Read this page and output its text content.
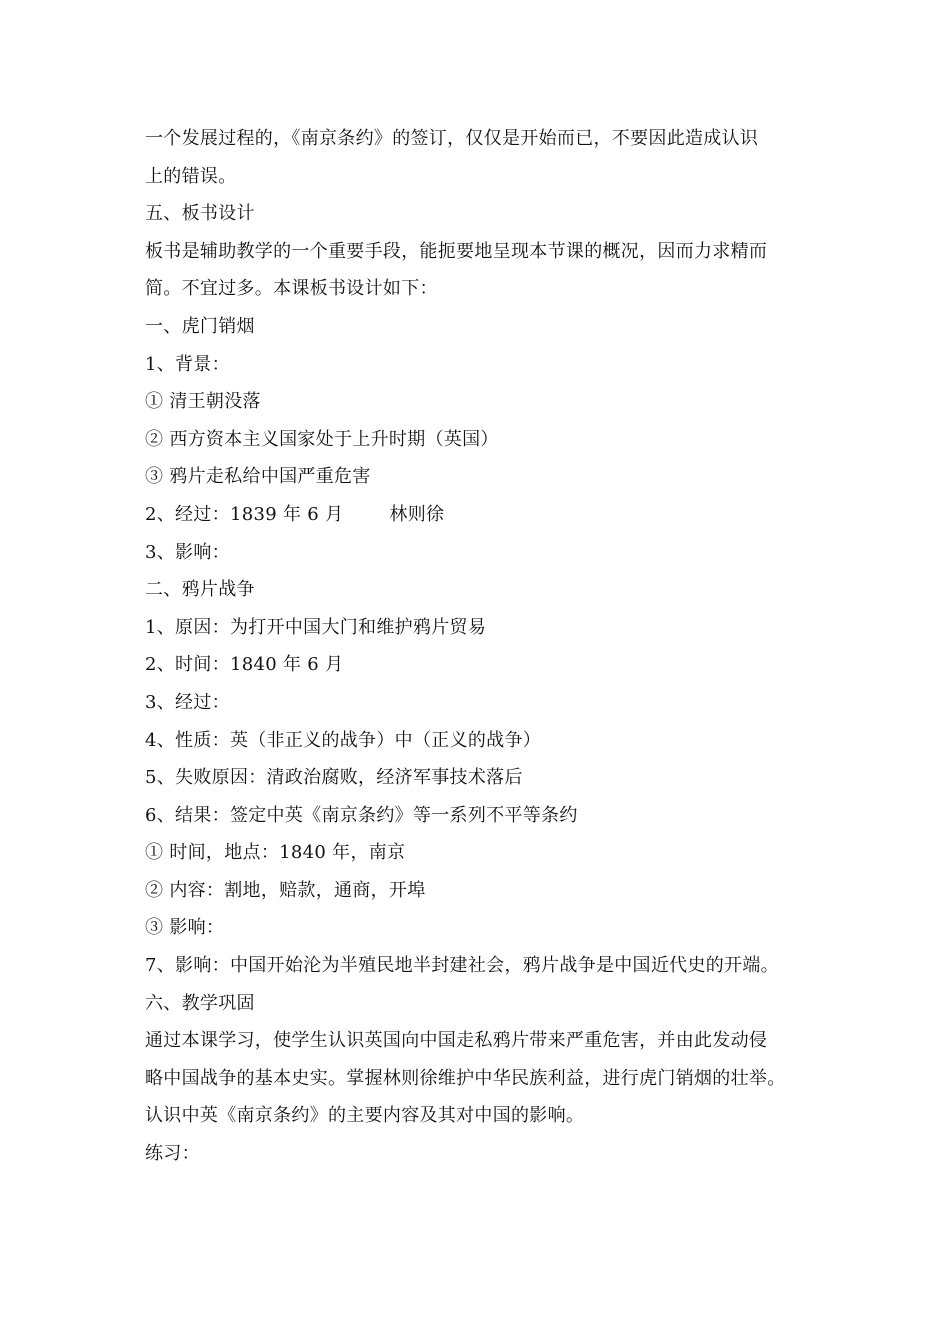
一个发展过程的，《南京条约》的签订，仅仅是开始而已，不要因此造成认识

上的错误。

五、板书设计

板书是辅助教学的一个重要手段，能扼要地呈现本节课的概况，因而力求精而

简。不宜过多。本课板书设计如下：

一、虎门销烟

1、背景：

① 清王朝没落

② 西方资本主义国家处于上升时期（英国）

③ 鸦片走私给中国严重危害

2、经过：1839 年 6 月	林则徐

3、影响：

二、鸦片战争

1、原因：为打开中国大门和维护鸦片贸易

2、时间：1840 年 6 月

3、经过：

4、性质：英（非正义的战争）中（正义的战争）

5、失败原因：清政治腐败，经济军事技术落后

6、结果：签定中英《南京条约》等一系列不平等条约

① 时间，地点：1840 年，南京

② 内容：割地，赔款，通商，开埠

③ 影响：

7、影响：中国开始沦为半殖民地半封建社会，鸦片战争是中国近代史的开端。

六、教学巩固

通过本课学习，使学生认识英国向中国走私鸦片带来严重危害，并由此发动侵

略中国战争的基本史实。掌握林则徐维护中华民族利益，进行虎门销烟的壮举。

认识中英《南京条约》的主要内容及其对中国的影响。

练习：
